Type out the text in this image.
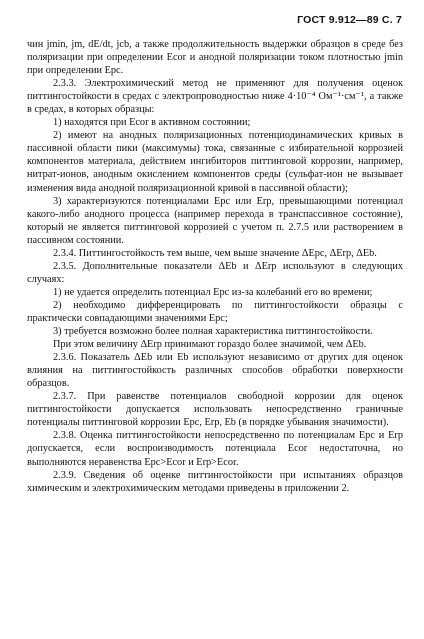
ГОСТ 9.912—89 С. 7

чин jmin, jm, dE/dt, jcb, а также продолжительность выдержки образцов в среде без поляризации при определении Ecor и анодной поляризации током плотностью jmin при определении Epc.

2.3.3. Электрохимический метод не применяют для получения оценок питтингостойкости в средах с электропроводностью ниже 4·10⁻⁴ Ом⁻¹·см⁻¹, а также в средах, в которых образцы:

1) находятся при Ecor в активном состоянии;

2) имеют на анодных поляризационных потенциодинамических кривых в пассивной области пики (максимумы) тока, связанные с избирательной коррозией компонентов материала, действием ингибиторов питтинговой коррозии, например, нитрат-ионов, анодным окислением компонентов среды (сульфат-ион не вызывает изменения вида анодной поляризационной кривой в пассивной области);

3) характеризуются потенциалами Epc или Erp, превышающими потенциал какого-либо анодного процесса (например перехода в транспассивное состояние), который не является питтинговой коррозией с учетом п. 2.7.5 или растворением в пассивном состоянии.

2.3.4. Питтингостойкость тем выше, чем выше значение ΔEpc, ΔErp, ΔEb.

2.3.5. Дополнительные показатели ΔEb и ΔErp используют в следующих случаях:

1) не удается определить потенциал Epc из-за колебаний его во времени;

2) необходимо дифференцировать по питтингостойкости образцы с практически совпадающими значениями Epc;

3) требуется возможно более полная характеристика питтингостойкости.

При этом величину ΔErp принимают гораздо более значимой, чем ΔEb.

2.3.6. Показатель ΔEb или Eb используют независимо от других для оценок влияния на питтингостойкость различных способов обработки поверхности образцов.

2.3.7. При равенстве потенциалов свободной коррозии для оценок питтингостойкости допускается использовать непосредственно граничные потенциалы питтинговой коррозии Epc, Erp, Eb (в порядке убывания значимости).

2.3.8. Оценка питтингостойкости непосредственно по потенциалам Epc и Erp допускается, если воспроизводимость потенциала Ecor недостаточна, но выполняются неравенства Epc>Ecor и Erp>Ecor.

2.3.9. Сведения об оценке питтингостойкости при испытаниях образцов химическим и электрохимическим методами приведены в приложении 2.
